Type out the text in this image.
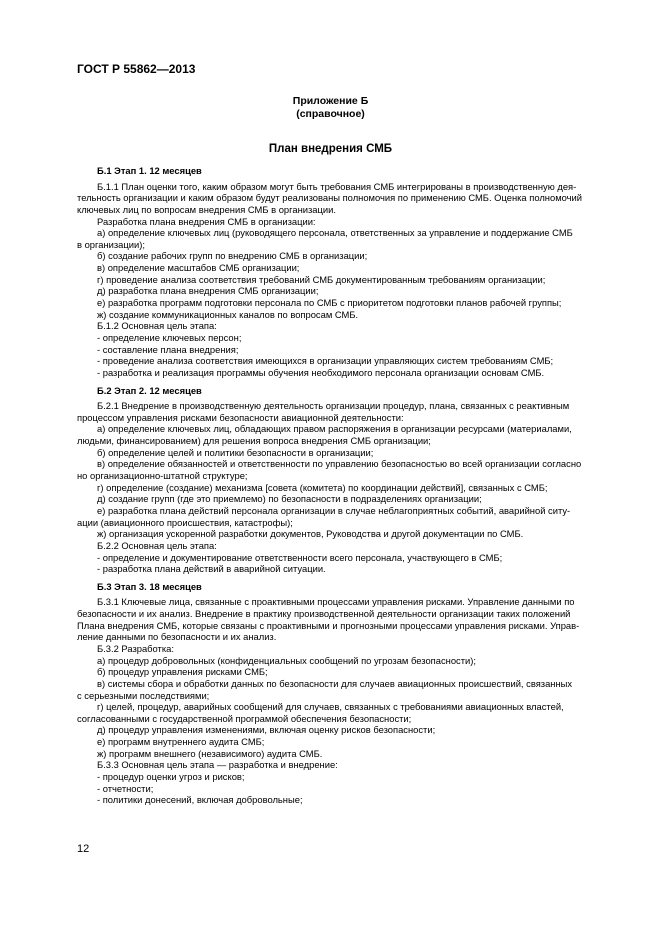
ГОСТ Р 55862—2013
Приложение Б
(справочное)
План внедрения СМБ
Б.1 Этап 1. 12 месяцев
Б.1.1 План оценки того, каким образом могут быть требования СМБ интегрированы в производственную дея-
тельность организации и каким образом будут реализованы полномочия по применению СМБ. Оценка полномочий
ключевых лиц по вопросам внедрения СМБ в организации.
Разработка плана внедрения СМБ в организации:
а) определение ключевых лиц (руководящего персонала, ответственных за управление и поддержание СМБ
в организации);
б) создание рабочих групп по внедрению СМБ в организации;
в) определение масштабов СМБ организации;
г) проведение анализа соответствия требований СМБ документированным требованиям организации;
д) разработка плана внедрения СМБ организации;
е) разработка программ подготовки персонала по СМБ с приоритетом подготовки планов рабочей группы;
ж) создание коммуникационных каналов по вопросам СМБ.
Б.1.2 Основная цель этапа:
- определение ключевых персон;
- составление плана внедрения;
- проведение анализа соответствия имеющихся в организации управляющих систем требованиям СМБ;
- разработка и реализация программы обучения необходимого персонала организации основам СМБ.
Б.2 Этап 2. 12 месяцев
Б.2.1 Внедрение в производственную деятельность организации процедур, плана, связанных с реактивным
процессом управления рисками безопасности авиационной деятельности:
а) определение ключевых лиц, обладающих правом распоряжения в организации ресурсами (материалами,
людьми, финансированием) для решения вопроса внедрения СМБ организации;
б) определение целей и политики безопасности в организации;
в) определение обязанностей и ответственности по управлению безопасностью во всей организации согласно
но организационно-штатной структуре;
г) определение (создание) механизма [совета (комитета) по координации действий], связанных с СМБ;
д) создание групп (где это приемлемо) по безопасности в подразделениях организации;
е) разработка плана действий персонала организации в случае неблагоприятных событий, аварийной ситу-
ации (авиационного происшествия, катастрофы);
ж) организация ускоренной разработки документов, Руководства и другой документации по СМБ.
Б.2.2 Основная цель этапа:
- определение и документирование ответственности всего персонала, участвующего в СМБ;
- разработка плана действий в аварийной ситуации.
Б.3 Этап 3. 18 месяцев
Б.3.1 Ключевые лица, связанные с проактивными процессами управления рисками. Управление данными по
безопасности и их анализ. Внедрение в практику производственной деятельности организации таких положений
Плана внедрения СМБ, которые связаны с проактивными и прогнозными процессами управления рисками. Управ-
ление данными по безопасности и их анализ.
Б.3.2 Разработка:
а) процедур добровольных (конфиденциальных сообщений по угрозам безопасности);
б) процедур управления рисками СМБ;
в) системы сбора и обработки данных по безопасности для случаев авиационных происшествий, связанных
с серьезными последствиями;
г) целей, процедур, аварийных сообщений для случаев, связанных с требованиями авиационных властей,
согласованными с государственной программой обеспечения безопасности;
д) процедур управления изменениями, включая оценку рисков безопасности;
е) программ внутреннего аудита СМБ;
ж) программ внешнего (независимого) аудита СМБ.
Б.3.3 Основная цель этапа — разработка и внедрение:
- процедур оценки угроз и рисков;
- отчетности;
- политики донесений, включая добровольные;
12
